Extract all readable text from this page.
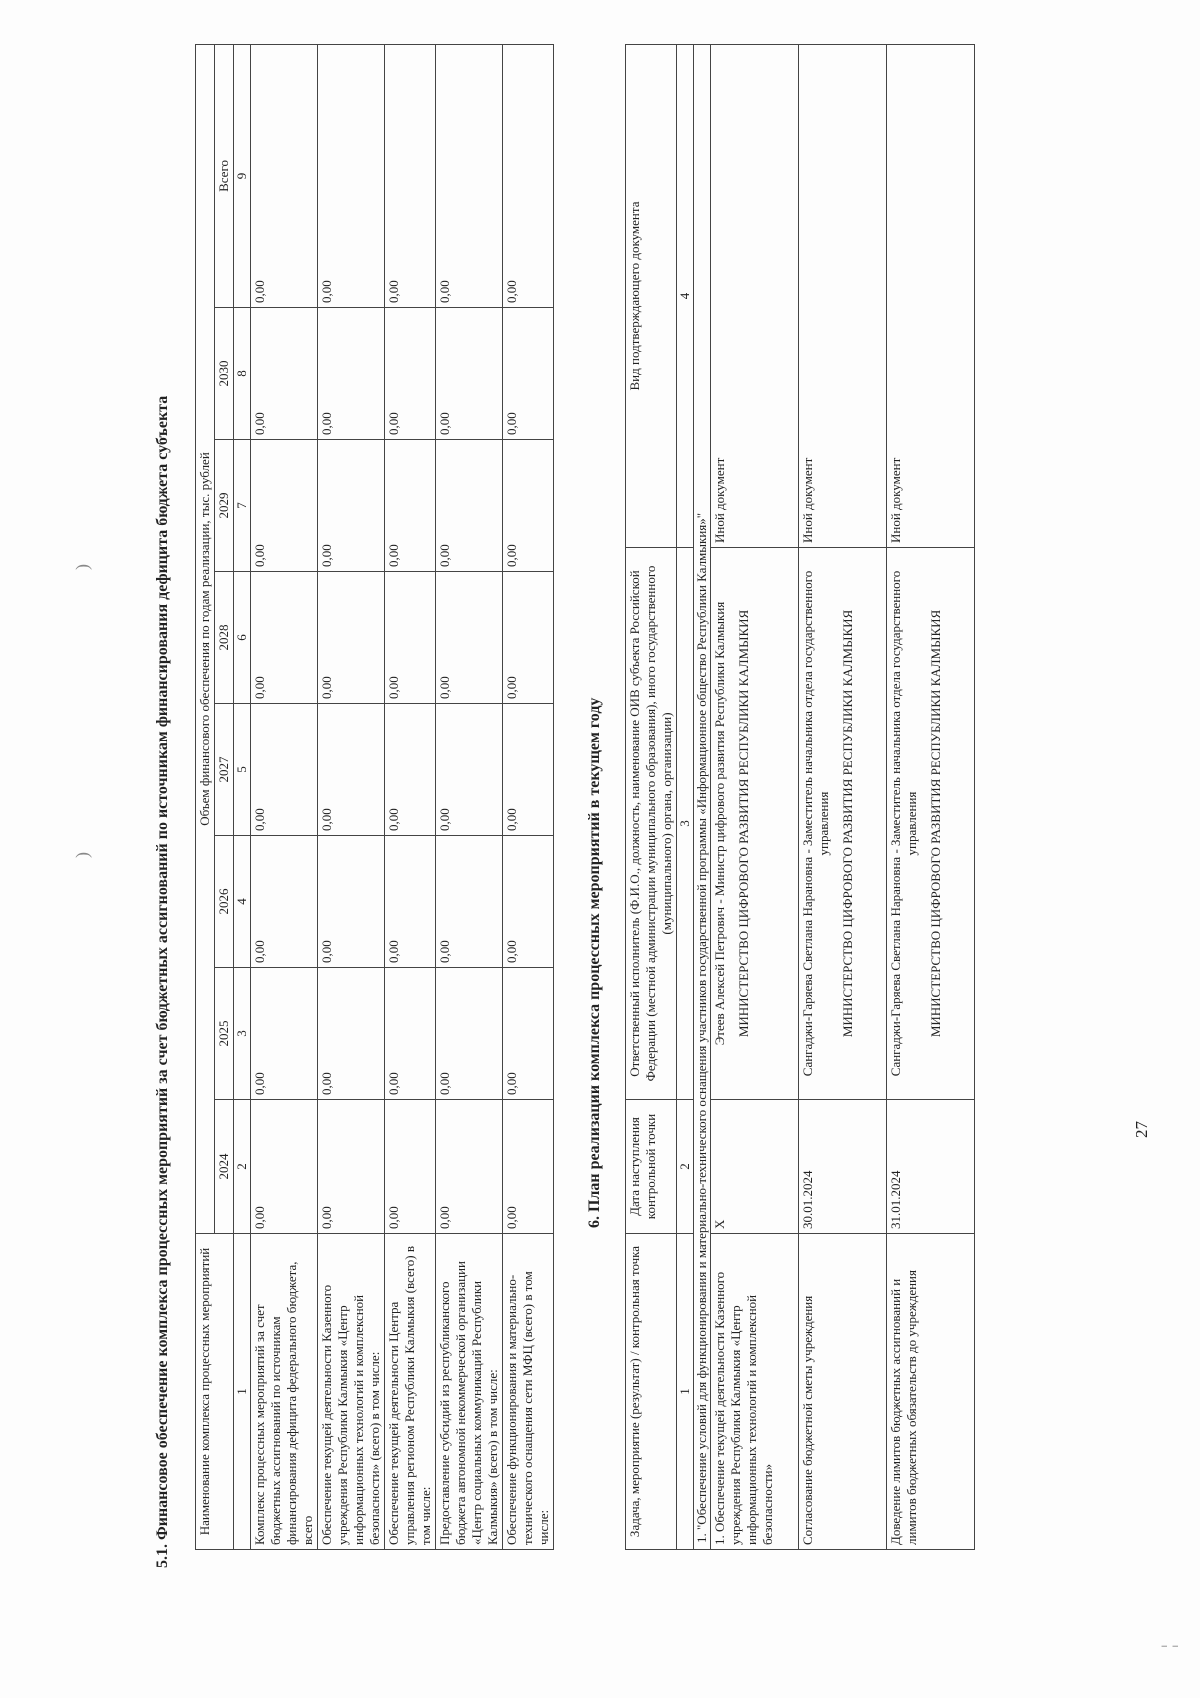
¦
)
)	5.1. Финансовое обеспечение комплекса процессных мероприятий за счет бюджетных ассигнований по источникам финансирования дефицита бюджета субъекта Наименование комплекса процессных мероприятий	Объем финансового обеспечения по годам реализации, тыс. рублей							
	2024	2025	2026	2027	2028	2029	2030	Всего
1	2	3	4	5	6	7	8	9
Комплекс процессных мероприятий за счет бюджетных ассигнований по источникам финансирования дефицита федерального бюджета, всего	0,00	0,00	0,00	0,00	0,00	0,00	0,00	0,00
Обеспечение текущей деятельности Казенного учреждения Республики Калмыкия «Центр информационных технологий и комплексной безопасности» (всего) в том числе:	0,00	0,00	0,00	0,00	0,00	0,00	0,00	0,00
Обеспечение текущей деятельности Центра управления регионом Республики Калмыкия (всего) в том числе:	0,00	0,00	0,00	0,00	0,00	0,00	0,00	0,00
Предоставление субсидий из республиканского бюджета автономной некоммерческой организации «Центр социальных коммуникаций Республики Калмыкия» (всего) в том числе:	0,00	0,00	0,00	0,00	0,00	0,00	0,00	0,00
Обеспечение функционирования и материально-технического оснащения сети МФЦ (всего) в том числе:	0,00	0,00	0,00	0,00	0,00	0,00	0,00	0,00
6. План реализации комплекса процессных мероприятий в текущем году
Задача, мероприятие (результат) / контрольная точка	Дата наступления контрольной точки	Ответственный исполнитель (Ф.И.О., должность, наименование ОИВ субъекта Российской Федерации (местной администрации муниципального образования), иного государственного (муниципального) органа, организации)	Вид подтверждающего документа
1	2	3	4
1. "Обеспечение условий для функционирования и материально-технического оснащения участников государственной программы «Информационное общество Республики Калмыкия»"			
1. Обеспечение текущей деятельности Казенного учреждения Республики Калмыкия «Центр информационных технологий и комплексной безопасности»	X	Этеев Алексей Петрович - Министр цифрового развития Республики Калмыкия МИНИСТЕРСТВО ЦИФРОВОГО РАЗВИТИЯ РЕСПУБЛИКИ КАЛМЫКИЯ	Иной документ
Согласование бюджетной сметы учреждения	30.01.2024	Сангаджи-Гаряева Светлана Нарановна - Заместитель начальника отдела государственного управления МИНИСТЕРСТВО ЦИФРОВОГО РАЗВИТИЯ РЕСПУБЛИКИ КАЛМЫКИЯ	Иной документ
Доведение лимитов бюджетных ассигнований и лимитов бюджетных обязательств до учреждения	31.01.2024	Сангаджи-Гаряева Светлана Нарановна - Заместитель начальника отдела государственного управления МИНИСТЕРСТВО ЦИФРОВОГО РАЗВИТИЯ РЕСПУБЛИКИ КАЛМЫКИЯ	Иной документ
27
